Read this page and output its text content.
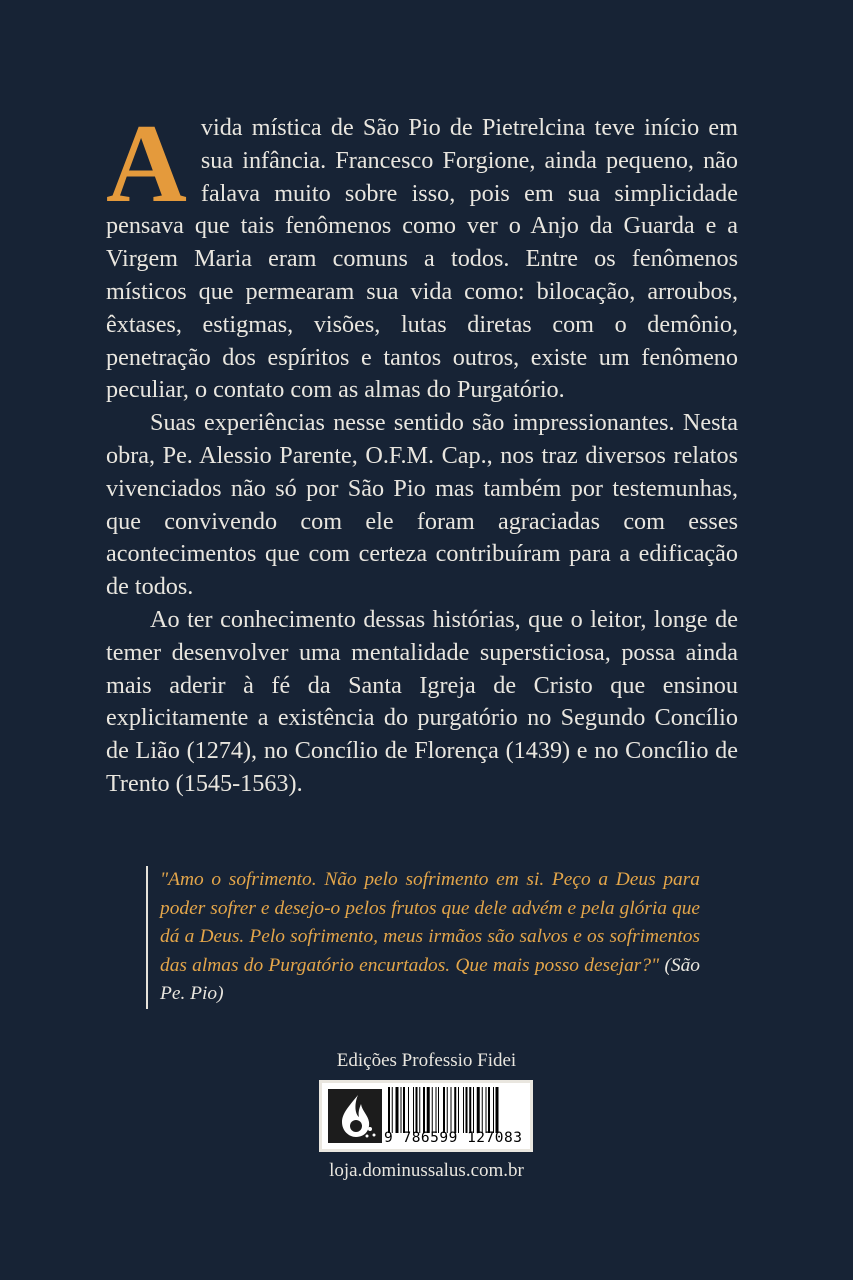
Avida mística de São Pio de Pietrelcina teve início em sua infância. Francesco Forgione, ainda pequeno, não falava muito sobre isso, pois em sua simplicidade pensava que tais fenômenos como ver o Anjo da Guarda e a Virgem Maria eram comuns a todos. Entre os fenômenos místicos que permearam sua vida como: bilocação, arroubos, êxtases, estigmas, visões, lutas diretas com o demônio, penetração dos espíritos e tantos outros, existe um fenômeno peculiar, o contato com as almas do Purgatório.

Suas experiências nesse sentido são impressionantes. Nesta obra, Pe. Alessio Parente, O.F.M. Cap., nos traz diversos relatos vivenciados não só por São Pio mas também por testemunhas, que convivendo com ele foram agraciadas com esses acontecimentos que com certeza contribuíram para a edificação de todos.

Ao ter conhecimento dessas histórias, que o leitor, longe de temer desenvolver uma mentalidade supersticiosa, possa ainda mais aderir à fé da Santa Igreja de Cristo que ensinou explicitamente a existência do purgatório no Segundo Concílio de Lião (1274), no Concílio de Florença (1439) e no Concílio de Trento (1545-1563).

"Amo o sofrimento. Não pelo sofrimento em si. Peço a Deus para poder sofrer e desejo-o pelos frutos que dele advém e pela glória que dá a Deus. Pelo sofrimento, meus irmãos são salvos e os sofrimentos das almas do Purgatório encurtados. Que mais posso desejar?" (São Pe. Pio)
Edições Professio Fidei
9 786599 127083
loja.dominussalus.com.br
